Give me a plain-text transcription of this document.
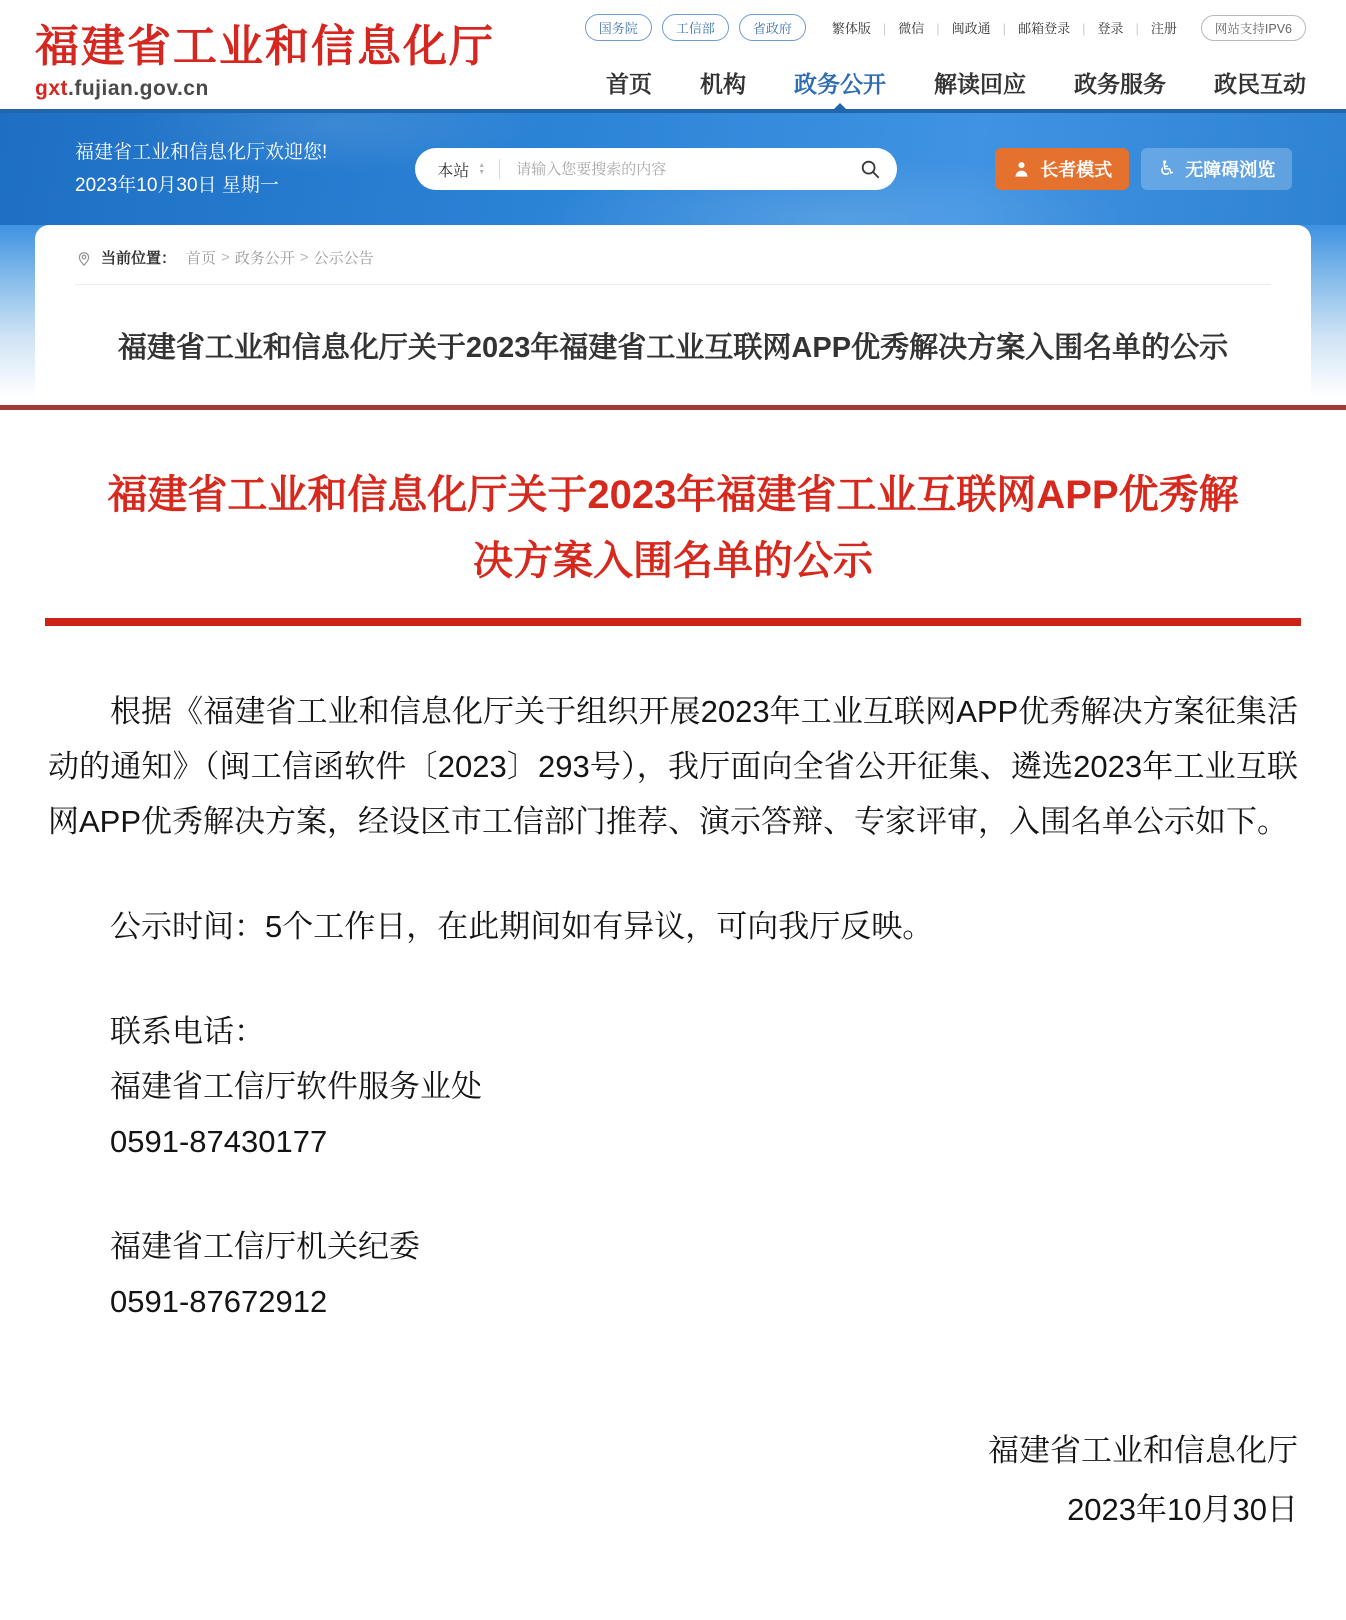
福建省工业和信息化厅
gxt.fujian.gov.cn
国务院	工信部	省政府	繁体版	| 微信	| 闽政通	| 邮箱登录	| 登录	| 注册	网站支持IPV6
首页 机构 政务公开 解读回应 政务服务 政民互动
福建省工业和信息化厅欢迎您!
2023年10月30日 星期一
本站 ▲
▼
请输入您要搜索的内容	长者模式 ♿ 无障碍浏览
当前位置： 首页 > 政务公开 > 公示公告
福建省工业和信息化厅关于2023年福建省工业互联网APP优秀解决方案入围名单的公示
福建省工业和信息化厅关于2023年福建省工业互联网APP优秀解
决方案入围名单的公示

根据《福建省工业和信息化厅关于组织开展2023年工业互联网APP优秀解决方案征集活动的通知》（闽工信函软件〔2023〕293号），我厅面向全省公开征集、遴选2023年工业互联网APP优秀解决方案，经设区市工信部门推荐、演示答辩、专家评审，入围名单公示如下。

公示时间：5个工作日，在此期间如有异议，可向我厅反映。

联系电话：

福建省工信厅软件服务业处

0591-87430177

福建省工信厅机关纪委

0591-87672912

福建省工业和信息化厅

2023年10月30日
